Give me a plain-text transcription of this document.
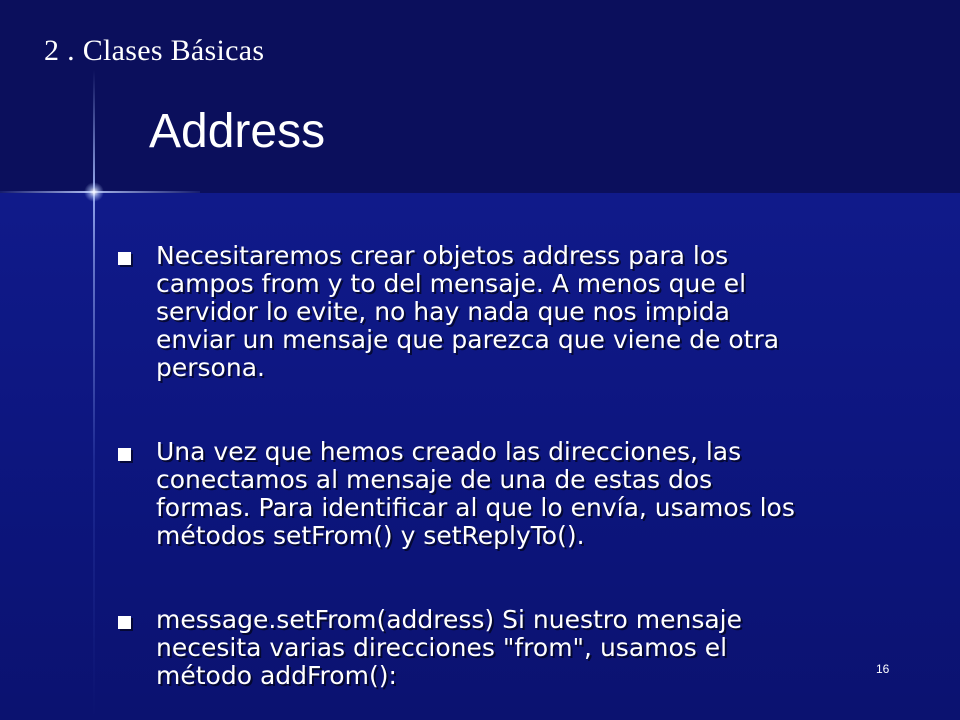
2 . Clases Básicas
Address
Necesitaremos crear objetos address para los
campos from y to del mensaje. A menos que el
servidor lo evite, no hay nada que nos impida
enviar un mensaje que parezca que viene de otra
persona.
Una vez que hemos creado las direcciones, las
conectamos al mensaje de una de estas dos
formas. Para identificar al que lo envía, usamos los
métodos setFrom() y setReplyTo().
message.setFrom(address) Si nuestro mensaje
necesita varias direcciones "from", usamos el
método addFrom():	16
